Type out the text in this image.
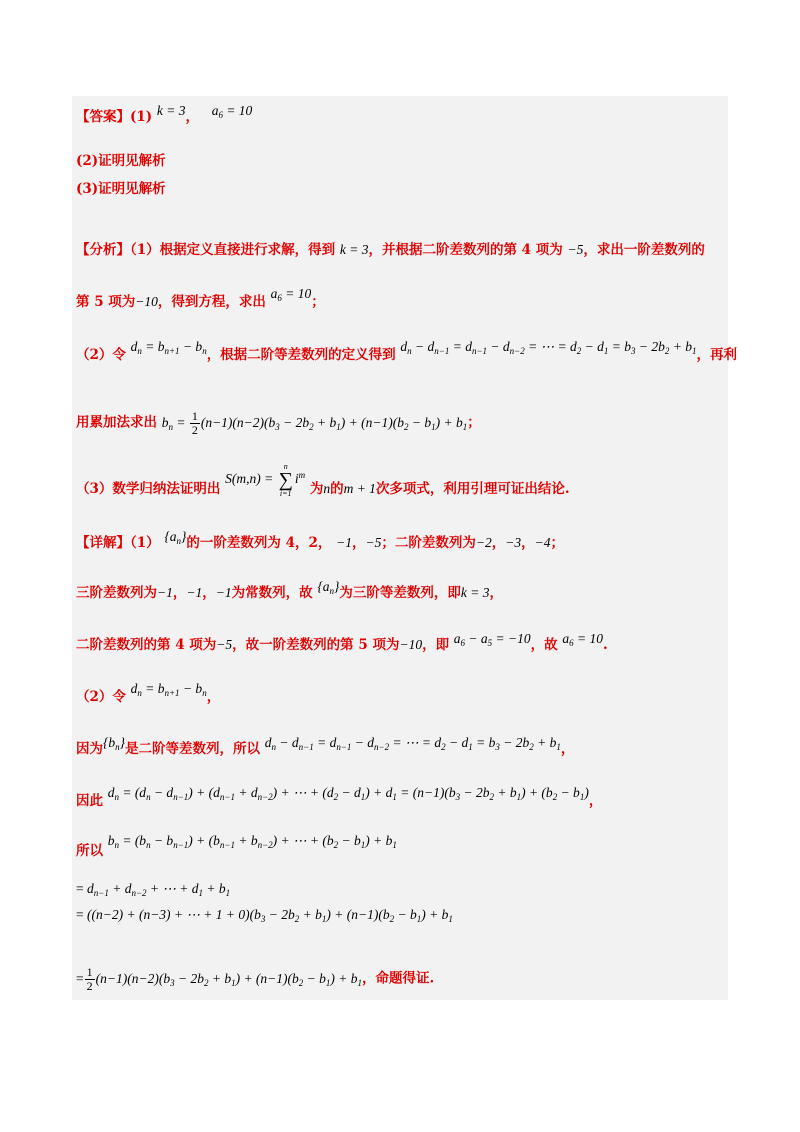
【答案】(1) k = 3， $a_6 = 10$
(2)证明见解析
(3)证明见解析
【分析】（1）根据定义直接进行求解，得到 k = 3，并根据二阶差数列的第 4 项为 −5，求出一阶差数列的
第 5 项为−10，得到方程，求出 $a_6 = 10$；
（2）令 $d_n = b_{n+1} - b_n$，根据二阶等差数列的定义得到 $d_n - d_{n-1} = d_{n-1} - d_{n-2}$ = ⋯ = $d_2 - d_1 = b_3 - 2b_2 + b_1$，再利
用累加法求出 $b_n = \frac{1}{2} (n-1)(n-2)(b_3 - 2b_2 + b_1) + (n-1)(b_2 - b_1) + b_1$；
（3）数学归纳法证明出 S(m,n) =
n
∑
i=1
$i^m$ 为n的m + 1次多项式，利用引理可证出结论.
【详解】（1） $\{a_n\}$的一阶差数列为 4，2， −1，−5；二阶差数列为−2，−3，−4；
三阶差数列为−1，−1，−1为常数列，故 $\{a_n\}$为三阶等差数列，即k = 3，
二阶差数列的第 4 项为−5，故一阶差数列的第 5 项为−10，即 $a_6 - a_5 = -10$，故 $a_6 = 10$.
（2）令 $d_n = b_{n+1} - b_n$，
因为$\{b_n\}$是二阶等差数列，所以 $d_n - d_{n-1} = d_{n-1} - d_{n-2}$ = ⋯ = $d_2 - d_1 = b_3 - 2b_2 + b_1$，
因此 $d_n = (d_n - d_{n-1}) + (d_{n-1} + d_{n-2})$ + ⋯ + $(d_2 - d_1) + d_1 = (n-1)(b_3 - 2b_2 + b_1) + (b_2 - b_1)$，
所以 $b_n = (b_n - b_{n-1}) + (b_{n-1} + b_{n-2})$ + ⋯ + $(b_2 - b_1) + b_1$
= $d_{n-1} + d_{n-2}$ + ⋯ + $d_1 + b_1$
= ((n−2) + (n−3) + ⋯ + $1 + 0)(b_3 - 2b_2 + b_1) + (n-1)(b_2 - b_1) + b_1$
= $\frac{1}{2} (n-1)(n-2)(b_3 - 2b_2 + b_1) + (n-1)(b_2 - b_1) + b_1$，命题得证.
